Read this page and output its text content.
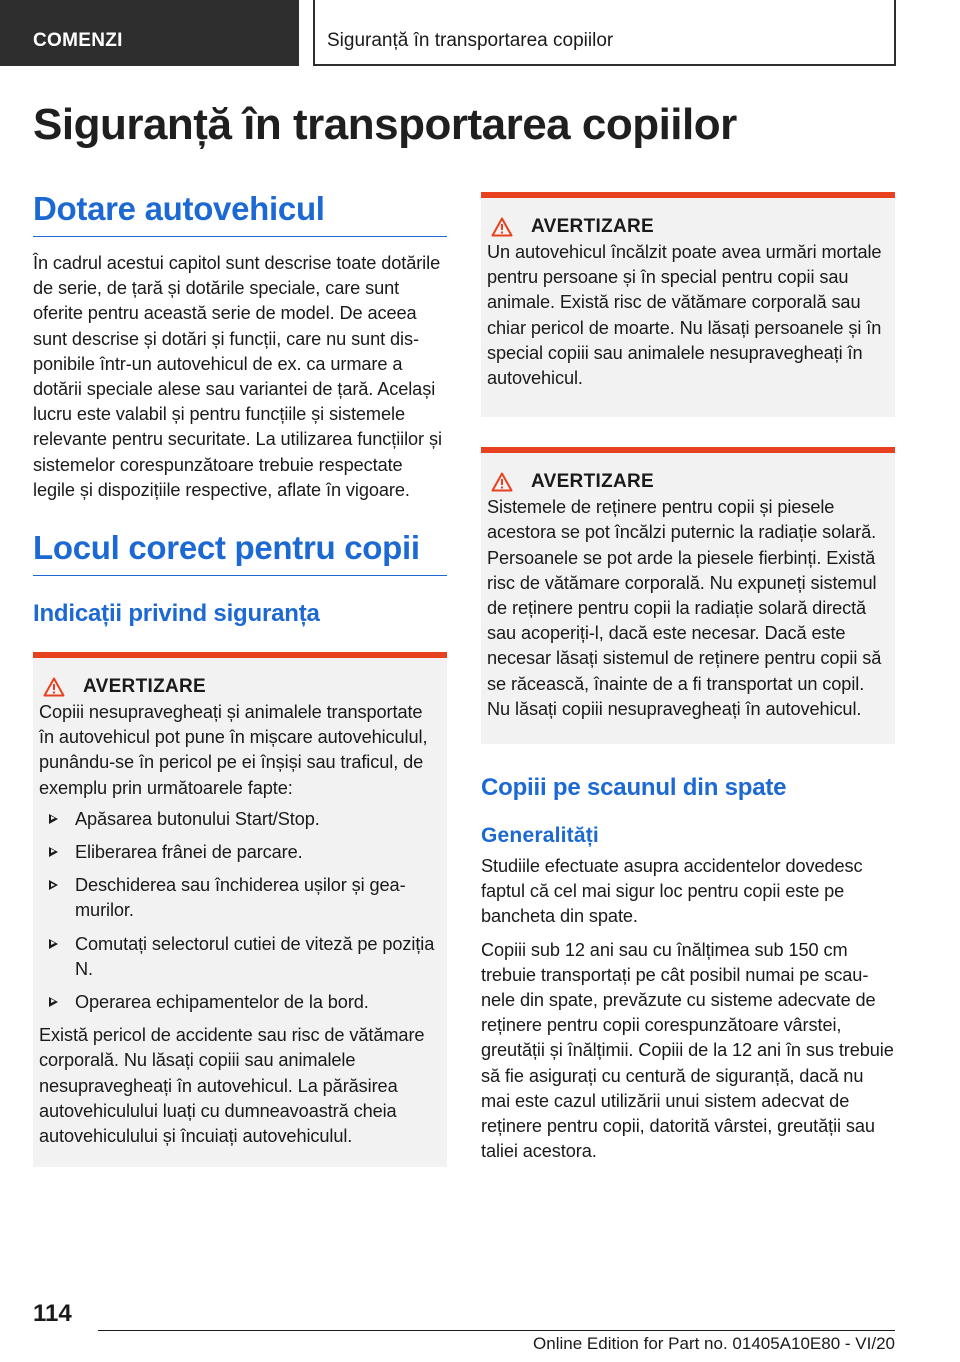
COMENZI	Siguranță în transportarea copiilor
Siguranță în transportarea copiilor
Dotare autovehicul

În cadrul acestui capitol sunt descrise toate dotările de serie, de țară și dotările speciale, care sunt oferite pentru această serie de model. De aceea sunt descrise și dotări și funcții, care nu sunt disponibile într-un autovehicul de ex. ca urmare a dotării speciale alese sau variantei de țară. Același lucru este valabil și pentru funcțiile și sistemele relevante pentru securitate. La utilizarea funcțiilor și sistemelor corespunzătoare trebuie respectate legile și dispozițiile respective, aflate în vigoare.

Locul corect pentru copii
Indicații privind siguranța
AVERTIZARE

Copiii nesupravegheați și animalele transportate în autovehicul pot pune în mișcare autovehiculul, punându-se în pericol pe ei înșiși sau traficul, de exemplu prin următoarele fapte:

Apăsarea butonului Start/Stop.
Eliberarea frânei de parcare.
Deschiderea sau închiderea ușilor și geamurilor.
Comutați selectorul cutiei de viteză pe poziția N.
Operarea echipamentelor de la bord.

Există pericol de accidente sau risc de vătămare corporală. Nu lăsați copiii sau animalele nesupravegheați în autovehicul. La părăsirea autovehiculului luați cu dumneavoastră cheia autovehiculului și încuiați autovehiculul.

AVERTIZARE

Un autovehicul încălzit poate avea urmări mortale pentru persoane și în special pentru copii sau animale. Există risc de vătămare corporală sau chiar pericol de moarte. Nu lăsați persoanele și în special copiii sau animalele nesupravegheați în autovehicul.

AVERTIZARE

Sistemele de reținere pentru copii și piesele acestora se pot încălzi puternic la radiație solară. Persoanele se pot arde la piesele fierbinți. Există risc de vătămare corporală. Nu expuneți sistemul de reținere pentru copii la radiație solară directă sau acoperiți-l, dacă este necesar. Dacă este necesar lăsați sistemul de reținere pentru copii să se răcească, înainte de a fi transportat un copil. Nu lăsați copiii nesupravegheați în autovehicul.

Copiii pe scaunul din spate
Generalități

Studiile efectuate asupra accidentelor dovedesc faptul că cel mai sigur loc pentru copii este pe bancheta din spate.

Copiii sub 12 ani sau cu înălțimea sub 150 cm trebuie transportați pe cât posibil numai pe scaunele din spate, prevăzute cu sisteme adecvate de reținere pentru copii corespunzătoare vârstei, greutății și înălțimii. Copiii de la 12 ani în sus trebuie să fie asigurați cu centură de siguranță, dacă nu mai este cazul utilizării unui sistem adecvat de reținere pentru copii, datorită vârstei, greutății sau taliei acestora.

114
Online Edition for Part no. 01405A10E80 - VI/20
